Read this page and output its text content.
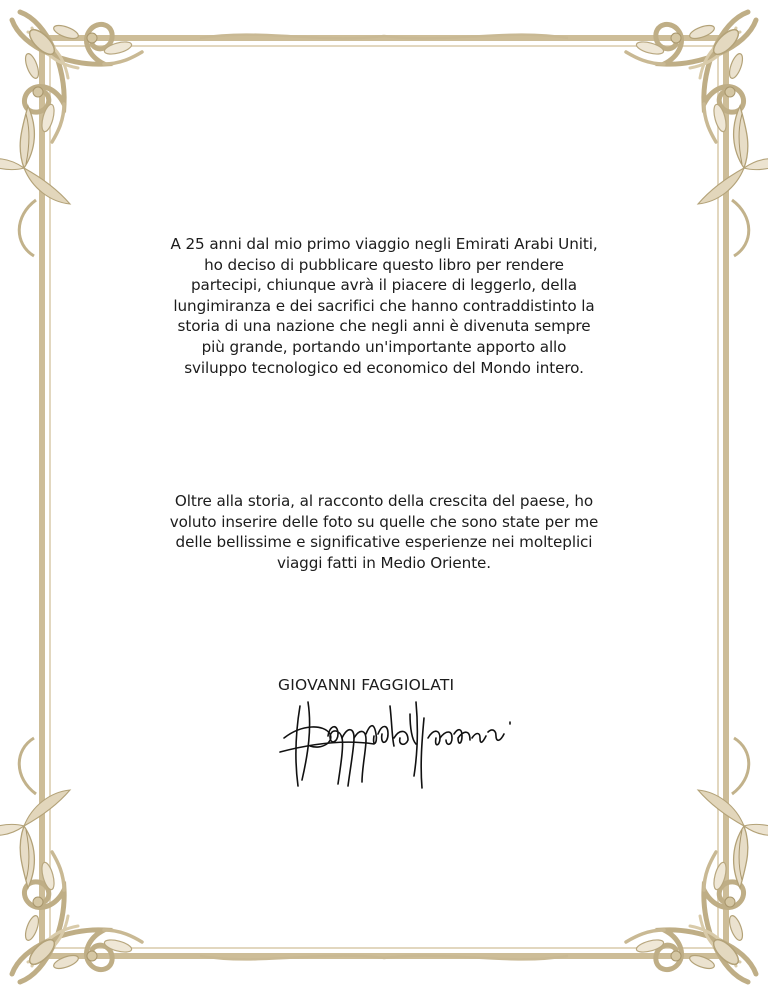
A 25 anni dal mio primo viaggio negli Emirati Arabi Uniti,
ho deciso di pubblicare questo libro per rendere
partecipi, chiunque avrà il piacere di leggerlo, della
lungimiranza e dei sacrifici che hanno contraddistinto la
storia di una nazione che negli anni è divenuta sempre
più grande, portando un'importante apporto allo
sviluppo tecnologico ed economico del Mondo intero.

Oltre alla storia, al racconto della crescita del paese, ho
voluto inserire delle foto su quelle che sono state per me
delle bellissime e significative esperienze nei molteplici
viaggi fatti in Medio Oriente.

GIOVANNI FAGGIOLATI
